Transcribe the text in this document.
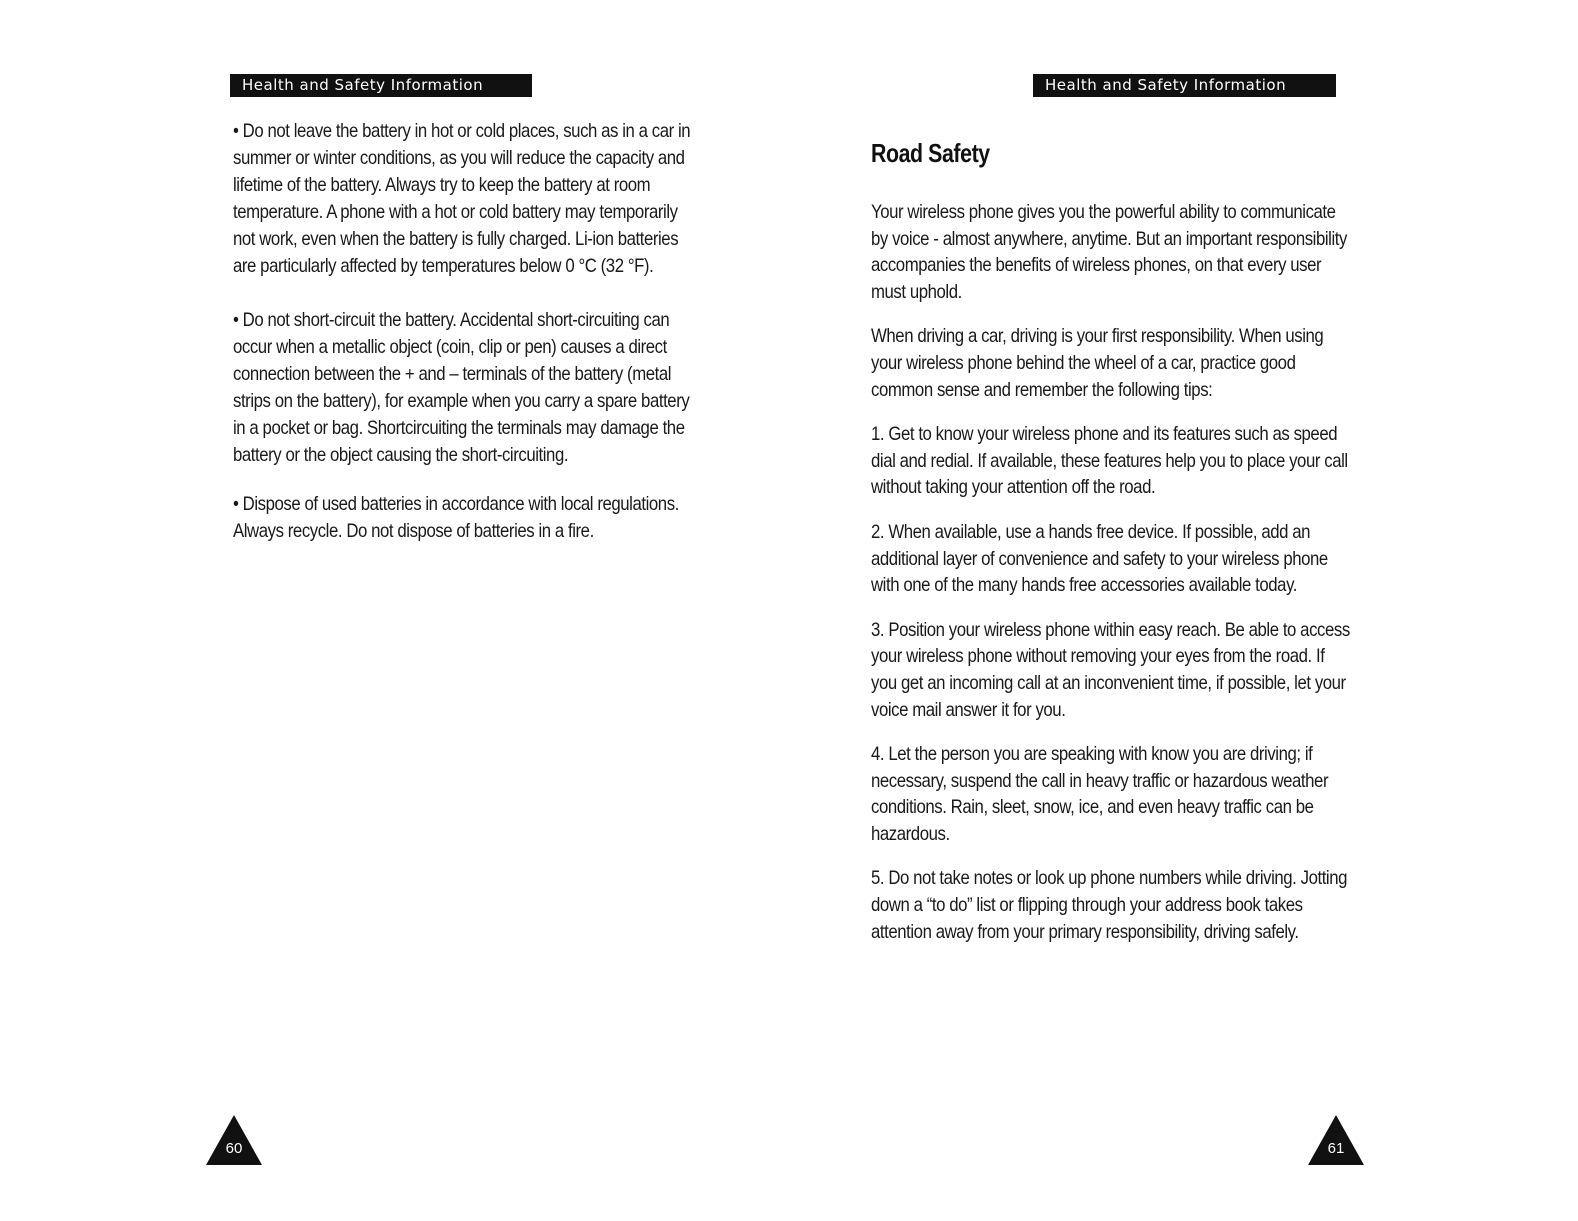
Health and Safety Information

• Do not leave the battery in hot or cold places, such as in a car in summer or winter conditions, as you will reduce the capacity and lifetime of the battery. Always try to keep the battery at room temperature. A phone with a hot or cold battery may temporarily not work, even when the battery is fully charged. Li-ion batteries are particularly affected by temperatures below 0 °C (32 °F).

• Do not short-circuit the battery. Accidental short-circuiting can occur when a metallic object (coin, clip or pen) causes a direct connection between the + and – terminals of the battery (metal strips on the battery), for example when you carry a spare battery in a pocket or bag. Shortcircuiting the terminals may damage the battery or the object causing the short-circuiting.

• Dispose of used batteries in accordance with local regulations. Always recycle. Do not dispose of batteries in a fire.

60
Health and Safety Information
Road Safety

Your wireless phone gives you the powerful ability to communicate by voice - almost anywhere, anytime. But an important responsibility accompanies the benefits of wireless phones, on that every user must uphold.

When driving a car, driving is your first responsibility. When using your wireless phone behind the wheel of a car, practice good common sense and remember the following tips:

1. Get to know your wireless phone and its features such as speed dial and redial. If available, these features help you to place your call without taking your attention off the road.

2. When available, use a hands free device. If possible, add an additional layer of convenience and safety to your wireless phone with one of the many hands free accessories available today.

3. Position your wireless phone within easy reach. Be able to access your wireless phone without removing your eyes from the road. If you get an incoming call at an inconvenient time, if possible, let your voice mail answer it for you.

4. Let the person you are speaking with know you are driving; if necessary, suspend the call in heavy traffic or hazardous weather conditions. Rain, sleet, snow, ice, and even heavy traffic can be hazardous.

5. Do not take notes or look up phone numbers while driving. Jotting down a “to do” list or flipping through your address book takes attention away from your primary responsibility, driving safely.

61
